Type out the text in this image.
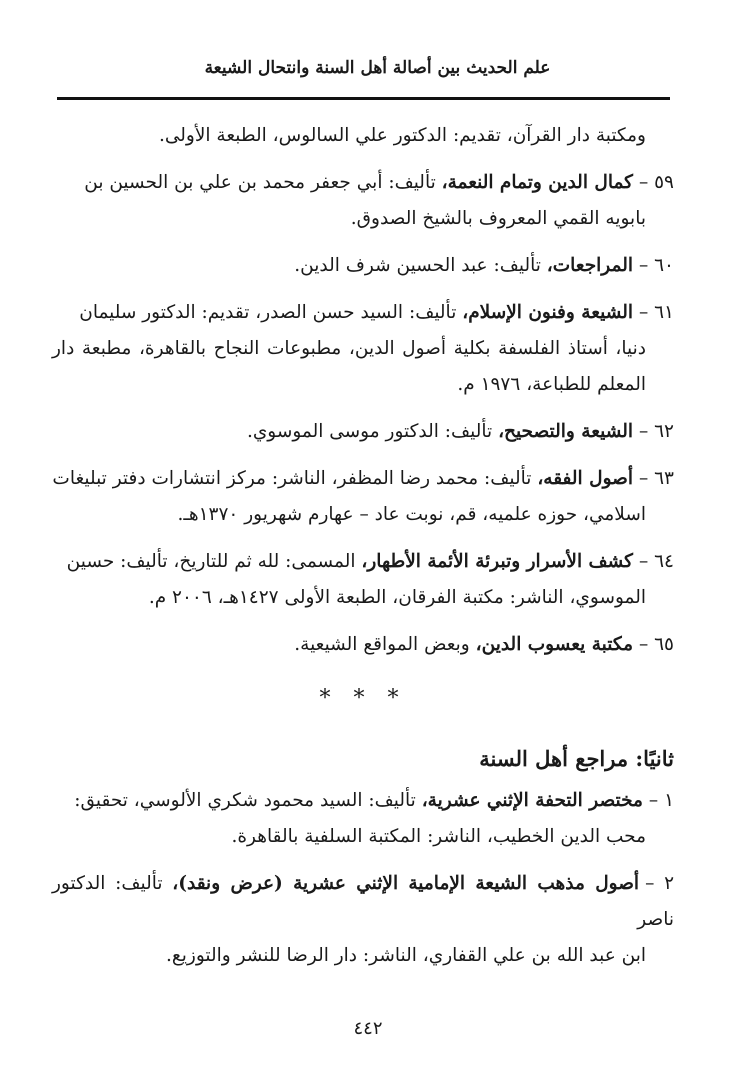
علم الحديث بين أصالة أهل السنة وانتحال الشيعة
ومكتبة دار القرآن، تقديم: الدكتور علي السالوس، الطبعة الأولى.
٥٩ –كمال الدين وتمام النعمة، تأليف: أبي جعفر محمد بن علي بن الحسين بن
بابويه القمي المعروف بالشيخ الصدوق.
٦٠ –المراجعات، تأليف: عبد الحسين شرف الدين.
٦١ –الشيعة وفنون الإسلام، تأليف: السيد حسن الصدر، تقديم: الدكتور سليمان
دنيا، أستاذ الفلسفة بكلية أصول الدين، مطبوعات النجاح بالقاهرة، مطبعة دار المعلم للطباعة، ١٩٧٦ م.
٦٢ –الشيعة والتصحيح، تأليف: الدكتور موسى الموسوي.
٦٣ –أصول الفقه، تأليف: محمد رضا المظفر، الناشر: مركز انتشارات دفتر تبليغات
اسلامي، حوزه علميه، قم، نوبت عاد – عهارم شهريور ١٣٧٠هـ.
٦٤ –كشف الأسرار وتبرئة الأئمة الأطهار، المسمى: لله ثم للتاريخ، تأليف: حسين
الموسوي، الناشر: مكتبة الفرقان، الطبعة الأولى ١٤٢٧هـ، ٢٠٠٦ م.
٦٥ –مكتبة يعسوب الدين، وبعض المواقع الشيعية.
* * *
ثانيًا: مراجع أهل السنة
١ –مختصر التحفة الإثني عشرية، تأليف: السيد محمود شكري الألوسي، تحقيق:
محب الدين الخطيب، الناشر: المكتبة السلفية بالقاهرة.
٢ –أصول مذهب الشيعة الإمامية الإثني عشرية (عرض ونقد)، تأليف: الدكتور ناصر
ابن عبد الله بن علي القفاري، الناشر: دار الرضا للنشر والتوزيع.
٤٤٢
